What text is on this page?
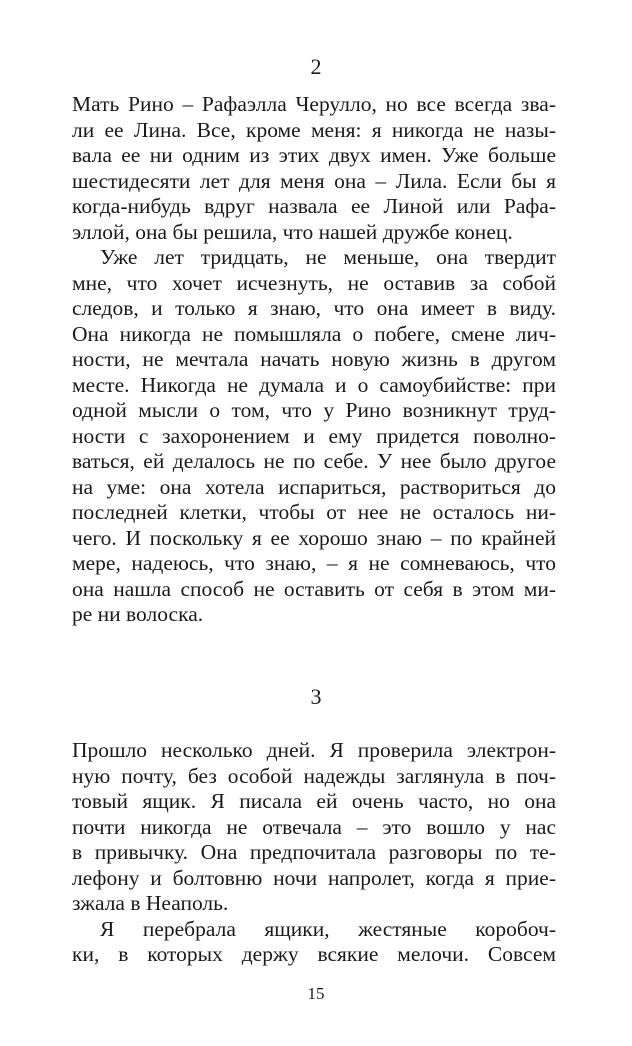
2
Мать Рино – Рафаэлла Черулло, но все всегда зва-
ли ее Лина. Все, кроме меня: я никогда не назы-
вала ее ни одним из этих двух имен. Уже больше
шестидесяти лет для меня она – Лила. Если бы я
когда-нибудь вдруг назвала ее Линой или Рафа-
эллой, она бы решила, что нашей дружбе конец.
Уже лет тридцать, не меньше, она твердит
мне, что хочет исчезнуть, не оставив за собой
следов, и только я знаю, что она имеет в виду.
Она никогда не помышляла о побеге, смене лич-
ности, не мечтала начать новую жизнь в другом
месте. Никогда не думала и о самоубийстве: при
одной мысли о том, что у Рино возникнут труд-
ности с захоронением и ему придется поволно-
ваться, ей делалось не по себе. У нее было другое
на уме: она хотела испариться, раствориться до
последней клетки, чтобы от нее не осталось ни-
чего. И поскольку я ее хорошо знаю – по крайней
мере, надеюсь, что знаю, – я не сомневаюсь, что
она нашла способ не оставить от себя в этом ми-
ре ни волоска.
3
Прошло несколько дней. Я проверила электрон-
ную почту, без особой надежды заглянула в поч-
товый ящик. Я писала ей очень часто, но она
почти никогда не отвечала – это вошло у нас
в привычку. Она предпочитала разговоры по те-
лефону и болтовню ночи напролет, когда я прие-
зжала в Неаполь.
Я перебрала ящики, жестяные коробоч-
ки, в которых держу всякие мелочи. Совсем
15
